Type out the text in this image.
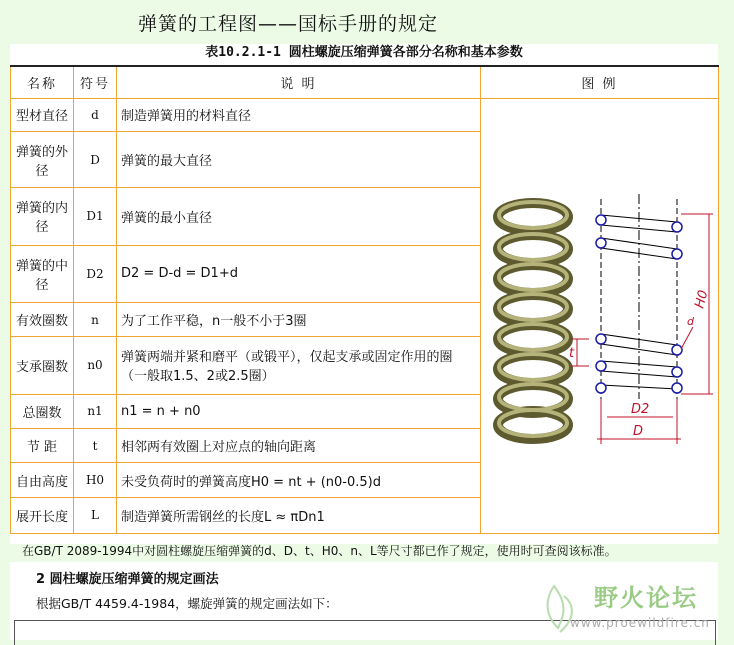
弹簧的工程图——国标手册的规定
表10.2.1-1 圆柱螺旋压缩弹簧各部分名称和基本参数
名称	符号	说 明	图 例
型材直径	d	制造弹簧用的材料直径	H0
t
D2
D
d

弹簧的外径	D	弹簧的最大直径	
弹簧的内径	D1	弹簧的最小直径	
弹簧的中径	D2	D2 = D-d = D1+d	
有效圈数	n	为了工作平稳，n一般不小于3圈	
支承圈数	n0	弹簧两端并紧和磨平（或锻平），仅起支承或固定作用的圈（一般取1.5、2或2.5圈）	
总圈数	n1	n1 = n + n0	
节 距	t	相邻两有效圈上对应点的轴向距离	
自由高度	H0	未受负荷时的弹簧高度H0 = nt + (n0-0.5)d	
展开长度	L	制造弹簧所需钢丝的长度L ≈ πDn1	
在GB/T 2089-1994中对圆柱螺旋压缩弹簧的d、D、t、H0、n、L等尺寸都已作了规定，使用时可查阅该标准。
2 圆柱螺旋压缩弹簧的规定画法
根据GB/T 4459.4-1984，螺旋弹簧的规定画法如下：	野火论坛
www.proewildfire.cn
